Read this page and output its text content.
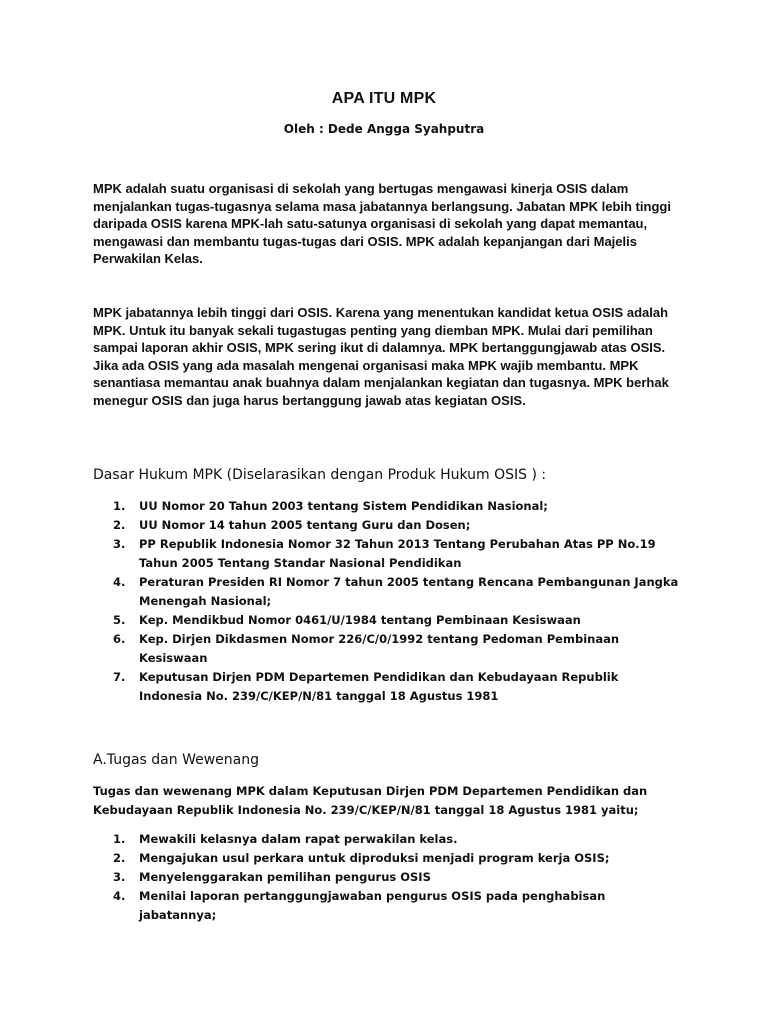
APA ITU MPK
Oleh : Dede Angga Syahputra

MPK adalah suatu organisasi di sekolah yang bertugas mengawasi kinerja OSIS dalam menjalankan tugas-tugasnya selama masa jabatannya berlangsung. Jabatan MPK lebih tinggi daripada OSIS karena MPK-lah satu-satunya organisasi di sekolah yang dapat memantau, mengawasi dan membantu tugas-tugas dari OSIS. MPK adalah kepanjangan dari Majelis Perwakilan Kelas.

MPK jabatannya lebih tinggi dari OSIS. Karena yang menentukan kandidat ketua OSIS adalah MPK. Untuk itu banyak sekali tugastugas penting yang diemban MPK. Mulai dari pemilihan sampai laporan akhir OSIS, MPK sering ikut di dalamnya. MPK bertanggungjawab atas OSIS. Jika ada OSIS yang ada masalah mengenai organisasi maka MPK wajib membantu. MPK senantiasa memantau anak buahnya dalam menjalankan kegiatan dan tugasnya. MPK berhak menegur OSIS dan juga harus bertanggung jawab atas kegiatan OSIS.

Dasar Hukum MPK (Diselarasikan dengan Produk Hukum OSIS ) :
1. UU Nomor 20 Tahun 2003 tentang Sistem Pendidikan Nasional;
2. UU Nomor 14 tahun 2005 tentang Guru dan Dosen;
3. PP Republik Indonesia Nomor 32 Tahun 2013 Tentang Perubahan Atas PP No.19 Tahun 2005 Tentang Standar Nasional Pendidikan
4. Peraturan Presiden RI Nomor 7 tahun 2005 tentang Rencana Pembangunan Jangka Menengah Nasional;
5. Kep. Mendikbud Nomor 0461/U/1984 tentang Pembinaan Kesiswaan
6. Kep. Dirjen Dikdasmen Nomor 226/C/0/1992 tentang Pedoman Pembinaan Kesiswaan
7. Keputusan Dirjen PDM Departemen Pendidikan dan Kebudayaan Republik Indonesia No. 239/C/KEP/N/81 tanggal 18 Agustus 1981
A.Tugas dan Wewenang

Tugas dan wewenang MPK dalam Keputusan Dirjen PDM Departemen Pendidikan dan Kebudayaan Republik Indonesia No. 239/C/KEP/N/81 tanggal 18 Agustus 1981 yaitu;

1. Mewakili kelasnya dalam rapat perwakilan kelas.
2. Mengajukan usul perkara untuk diproduksi menjadi program kerja OSIS;
3. Menyelenggarakan pemilihan pengurus OSIS
4. Menilai laporan pertanggungjawaban pengurus OSIS pada penghabisan jabatannya;
